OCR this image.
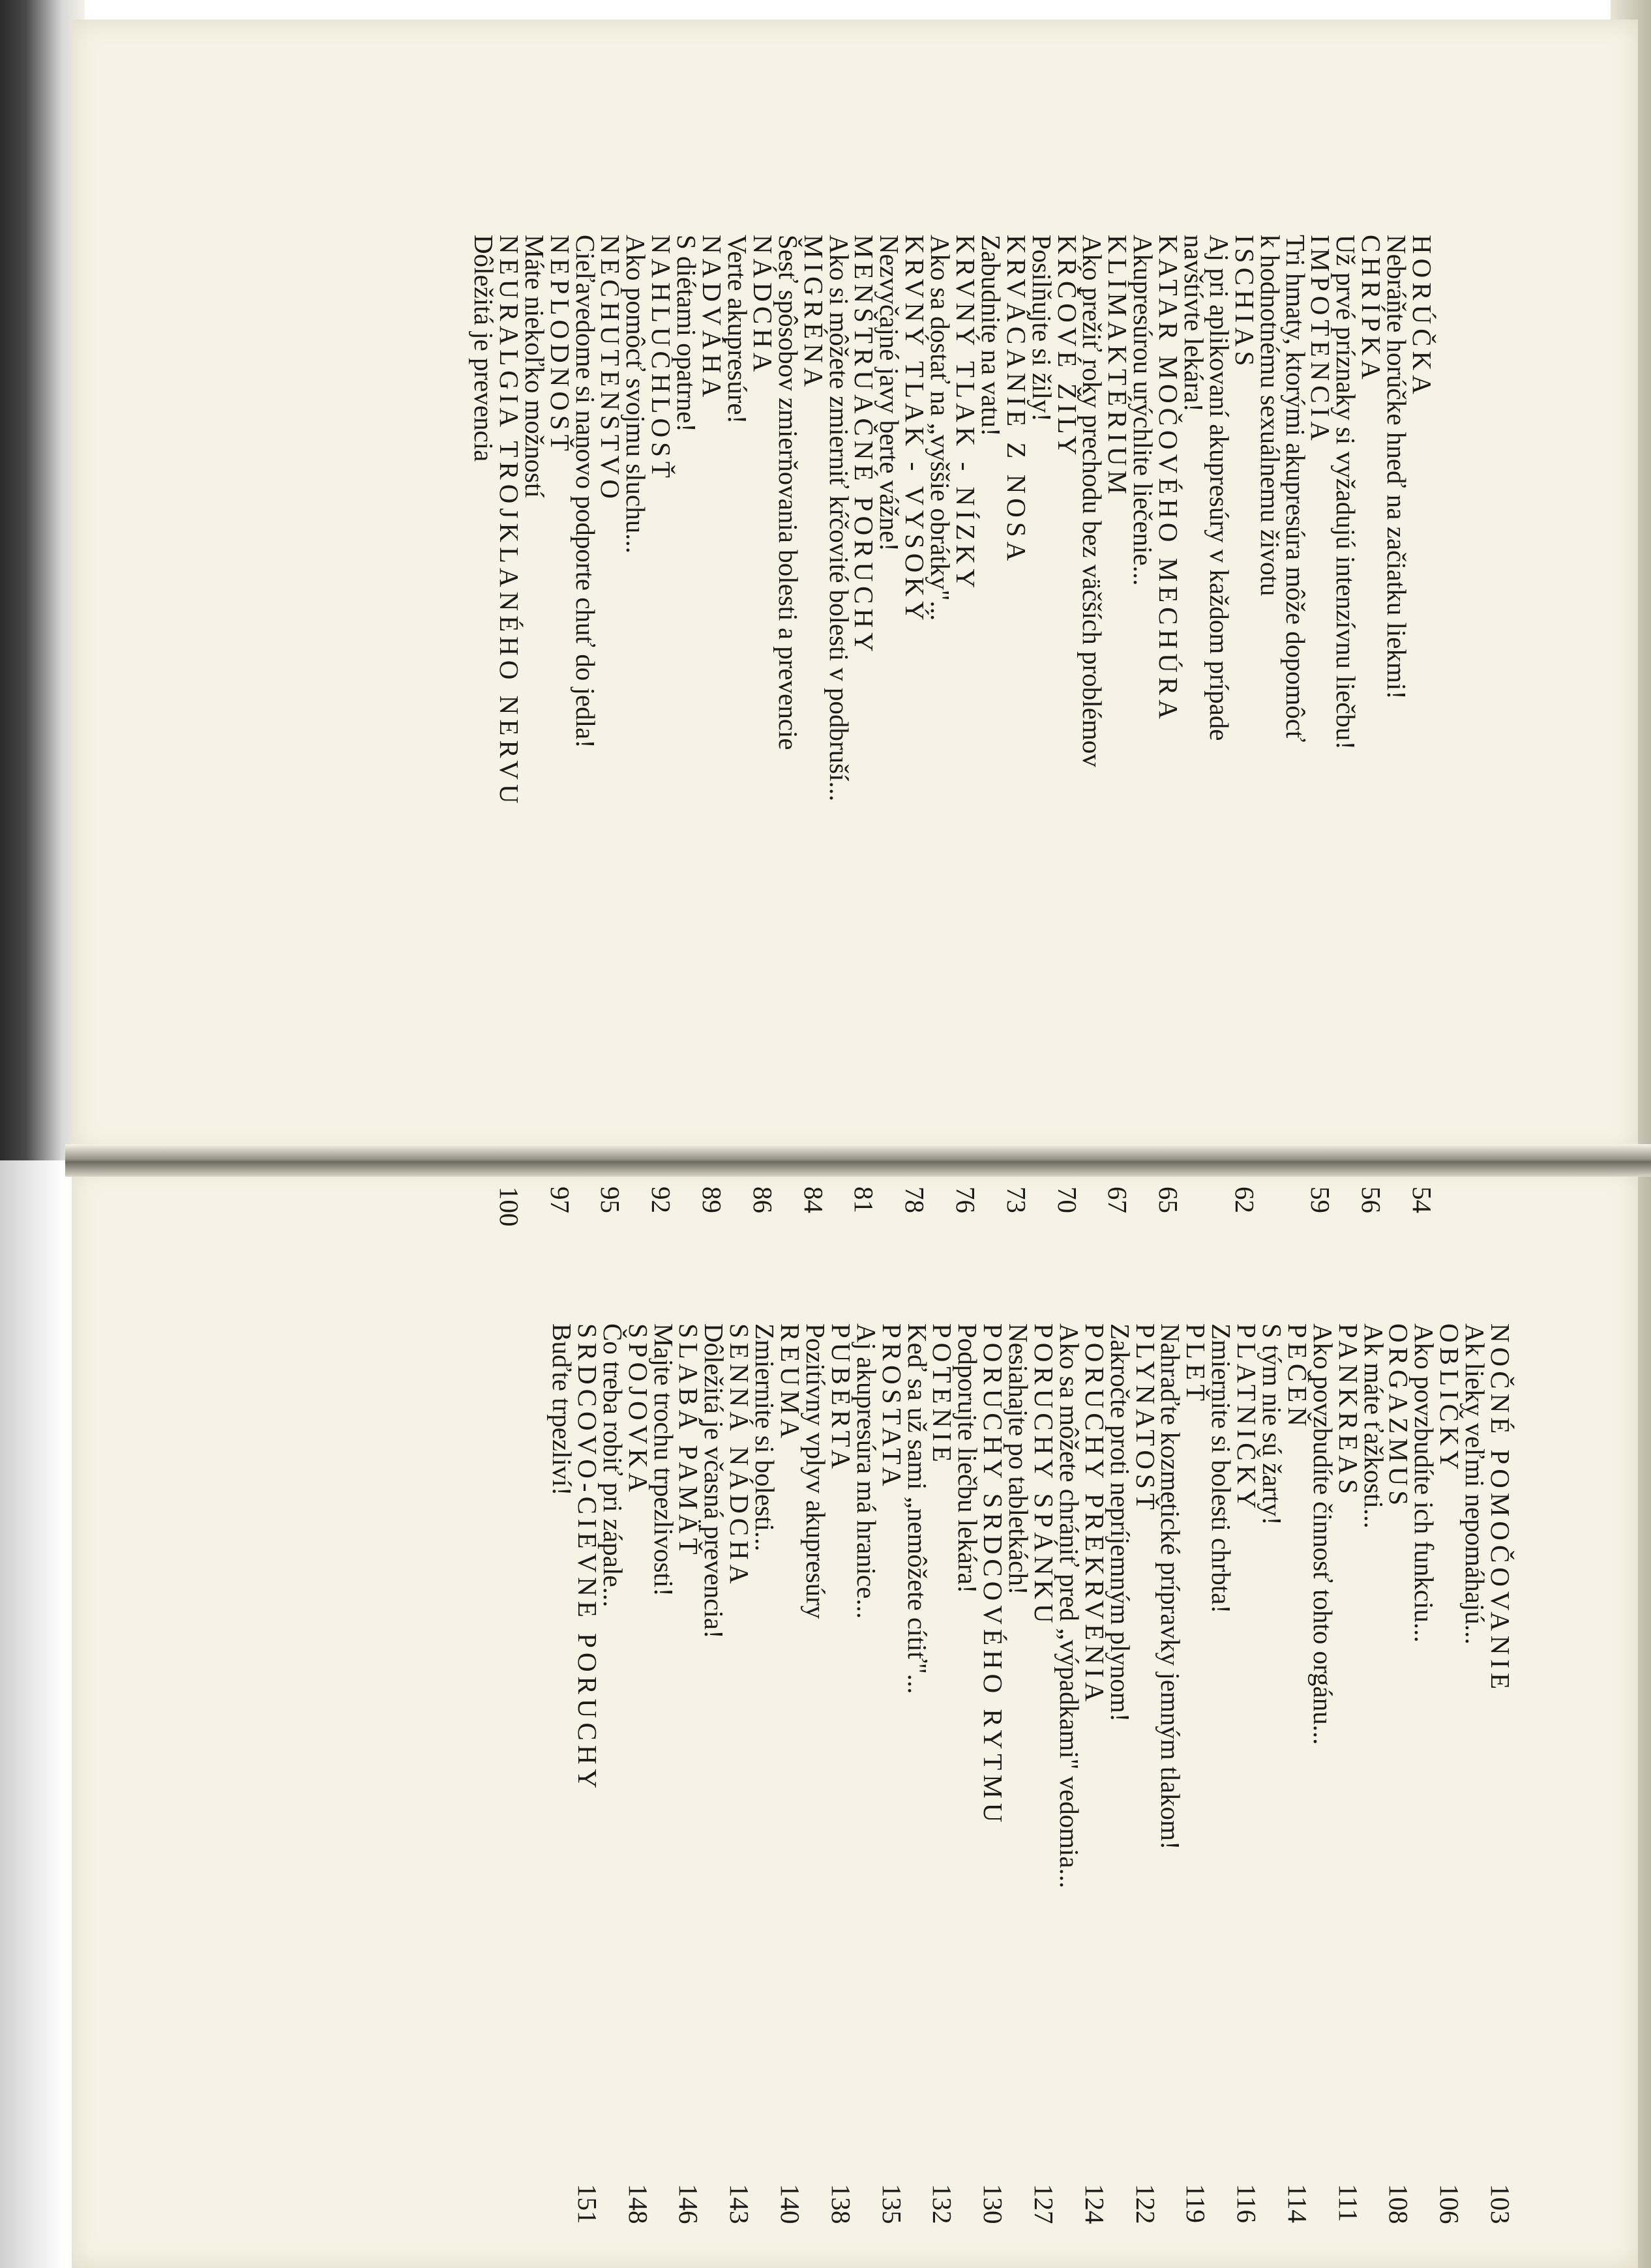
HORÚČKA54
Nebráňte horúčke hneď na začiatku liekmi!
CHRÍPKA56
Už prvé príznaky si vyžadujú intenzívnu liečbu!
IMPOTENCIA59
Tri hmaty, ktorými akupresúra môže dopomôcť
k hodnotnému sexuálnemu životu
ISCHIAS62
Aj pri aplikovaní akupresúry v každom prípade
navštívte lekára!
KATAR MOČOVÉHO MECHÚRA65
Akupresúrou urýchlite liečenie...
KLIMAKTÉRIUM67
Ako prežiť roky prechodu bez väčších problémov
KŔČOVÉ ŽILY70
Posilňujte si žily!
KRVÁCANIE Z NOSA73
Zabudnite na vatu!
KRVNÝ TLAK - NÍZKY76
Ako sa dostať na „vyššie obrátky"...
KRVNÝ TLAK - VYSOKÝ78
Nezvyčajné javy berte vážne!
MENŠTRUAČNÉ PORUCHY81
Ako si môžete zmierniť kŕčovité bolesti v podbruší...
MIGRÉNA84
Šesť spôsobov zmierňovania bolesti a prevencie
NÁDCHA86
Verte akupresúre!
NADVÁHA89
S diétami opatrne!
NAHLUCHLOSŤ92
Ako pomôcť svojmu sluchu...
NECHUTENSTVO95
Cieľavedome si nanovo podporte chuť do jedla!
NEPLODNOSŤ97
Máte niekoľko možností
NEURALGIA TROJKLANÉHO NERVU100
Dôležitá je prevencia
NOČNÉ POMOČOVANIE103
Ak lieky veľmi nepomáhajú...
OBLIČKY106
Ako povzbudíte ich funkciu...
ORGAZMUS108
Ak máte ťažkosti...
PANKREAS111
Ako povzbudíte činnosť tohto orgánu...
PEČEŇ114
S tým nie sú žarty!
PLATNIČKY116
Zmiernite si bolesti chrbta!
PLEŤ119
Nahraďte kozmetické prípravky jemným tlakom!
PLYNATOSŤ122
Zakročte proti nepríjemným plynom!
PORUCHY PREKRVENIA124
Ako sa môžete chrániť pred „výpadkami" vedomia...
PORUCHY SPÁNKU127
Nesiahajte po tabletkách!
PORUCHY SRDCOVÉHO RYTMU130
Podporujte liečbu lekára!
POTENIE132
Keď sa už sami „nemôžete cítiť"...
PROSTATA135
Aj akupresúra má hranice...
PUBERTA138
Pozitívny vplyv akupresúry
REUMA140
Zmiernite si bolesti...
SENNÁ NÁDCHA143
Dôležitá je včasná prevencia!
SLABÁ PAMÄŤ146
Majte trochu trpezlivosti!
SPOJOVKA148
Čo treba robiť pri zápale...
SRDCOVO-CIEVNE PORUCHY151
Buďte trpezliví!
